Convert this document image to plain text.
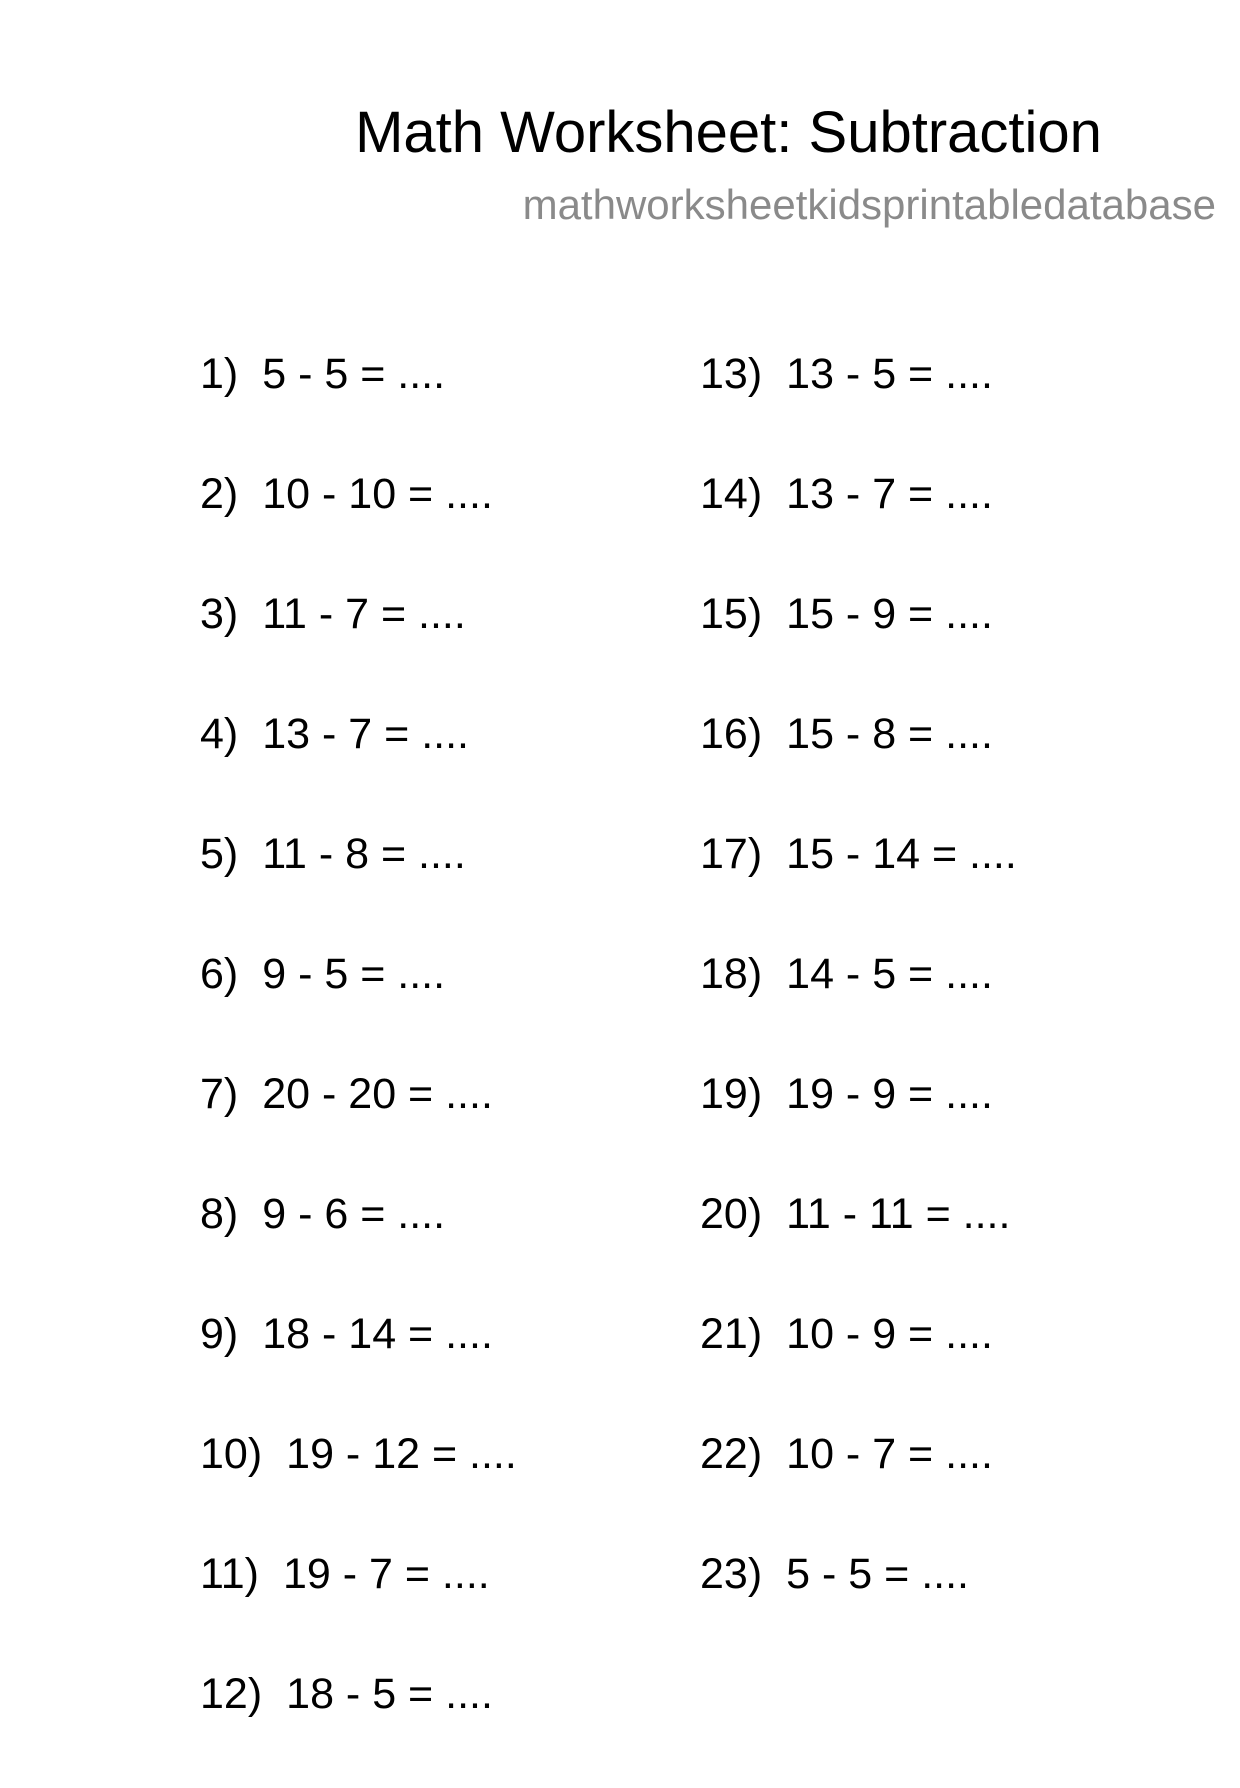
Math Worksheet: Subtraction
mathworksheetkidsprintabledatabase
1) 5 - 5 = ....
2) 10 - 10 = ....
3) 11 - 7 = ....
4) 13 - 7 = ....
5) 11 - 8 = ....
6) 9 - 5 = ....
7) 20 - 20 = ....
8) 9 - 6 = ....
9) 18 - 14 = ....
10) 19 - 12 = ....
11) 19 - 7 = ....
12) 18 - 5 = ....
13) 13 - 5 = ....
14) 13 - 7 = ....
15) 15 - 9 = ....
16) 15 - 8 = ....
17) 15 - 14 = ....
18) 14 - 5 = ....
19) 19 - 9 = ....
20) 11 - 11 = ....
21) 10 - 9 = ....
22) 10 - 7 = ....
23) 5 - 5 = ....
